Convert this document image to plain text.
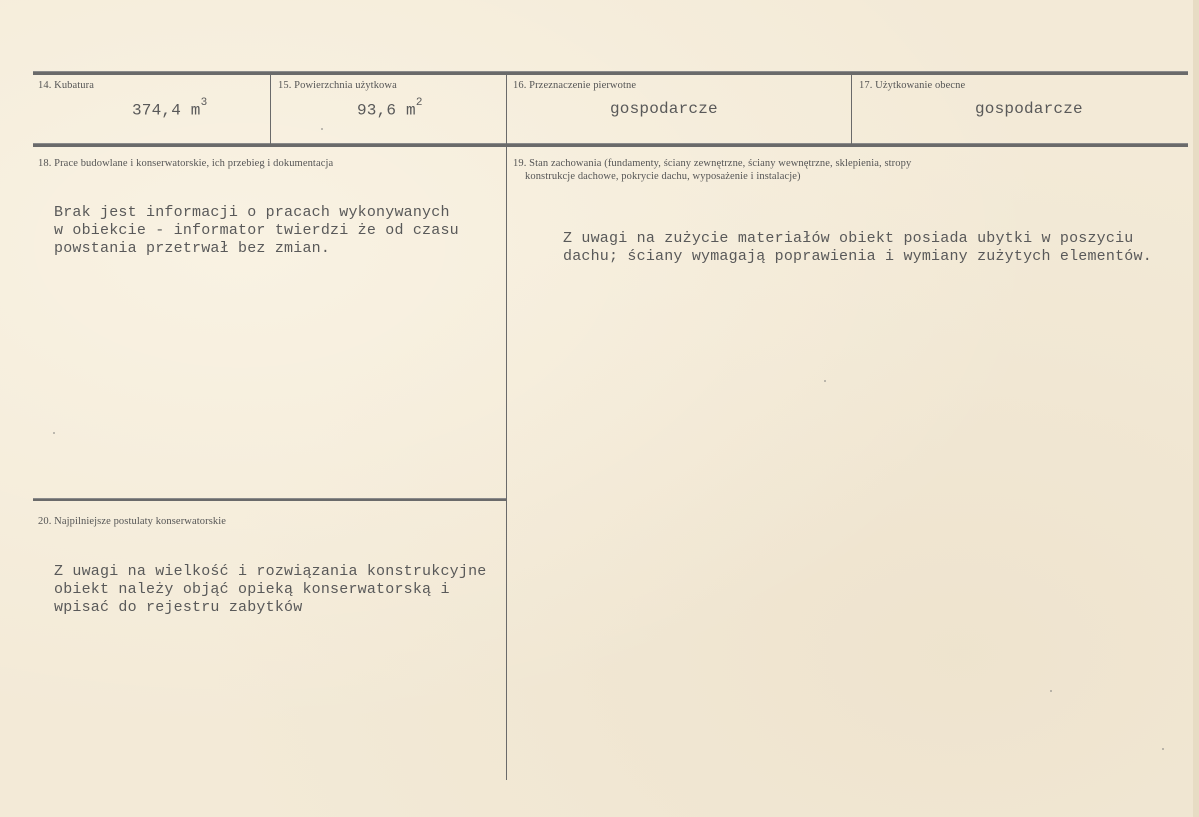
14. Kubatura
374,4 $m^3$
15. Powierzchnia użytkowa
93,6 $m^2$
16. Przeznaczenie pierwotne
gospodarcze
17. Użytkowanie obecne
gospodarcze
18. Prace budowlane i konserwatorskie, ich przebieg i dokumentacja
Brak jest informacji o pracach wykonywanych
w obiekcie - informator twierdzi że od czasu
powstania przetrwał bez zmian.
19. Stan zachowania (fundamenty, ściany zewnętrzne, ściany wewnętrzne, sklepienia, stropy
konstrukcje dachowe, pokrycie dachu, wyposażenie i instalacje)
Z uwagi na zużycie materiałów obiekt posiada ubytki w poszyciu
dachu; ściany wymagają poprawienia i wymiany zużytych elementów.
20. Najpilniejsze postulaty konserwatorskie
Z uwagi na wielkość i rozwiązania konstrukcyjne
obiekt należy objąć opieką konserwatorską i
wpisać do rejestru zabytków
